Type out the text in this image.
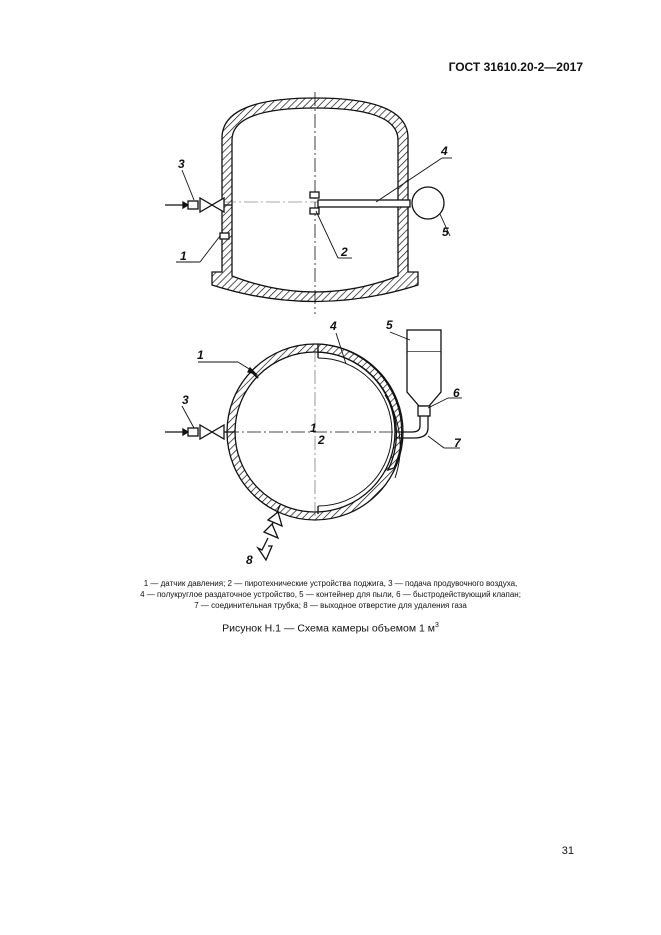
ГОСТ 31610.20-2—2017
3
1	2
4
5
1
2
1
3
4	5
6
7
8
1 — датчик давления; 2 — пиротехнические устройства поджига, 3 — подача продувочного воздуха,
4 — полукруглое раздаточное устройство, 5 — контейнер для пыли, 6 — быстродействующий клапан;
7 — соединительная трубка; 8 — выходное отверстие для удаления газа
Рисунок Н.1 — Схема камеры объемом 1 $м^3$
31
